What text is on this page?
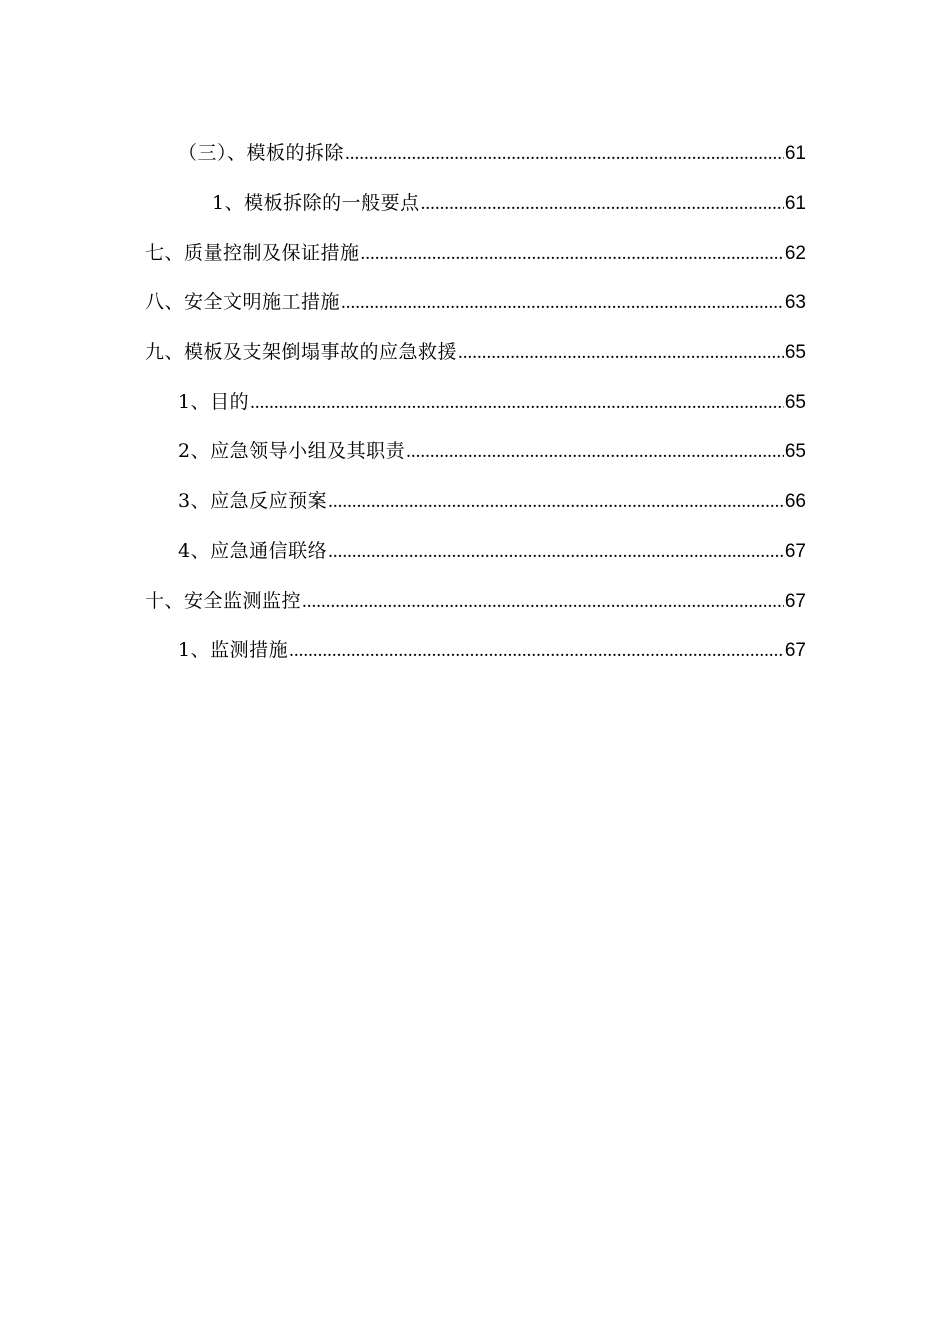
（三）、模板的拆除 .....	61
1、模板拆除的一般要点 .....	61
七、质量控制及保证措施 .....	62
八、安全文明施工措施 .....	63
九、模板及支架倒塌事故的应急救援 .....	65
1、目的 .....	65
2、应急领导小组及其职责 .....	65
3、应急反应预案 .....	66
4、应急通信联络 .....	67
十、安全监测监控 .....	67
1、监测措施 .....	67
